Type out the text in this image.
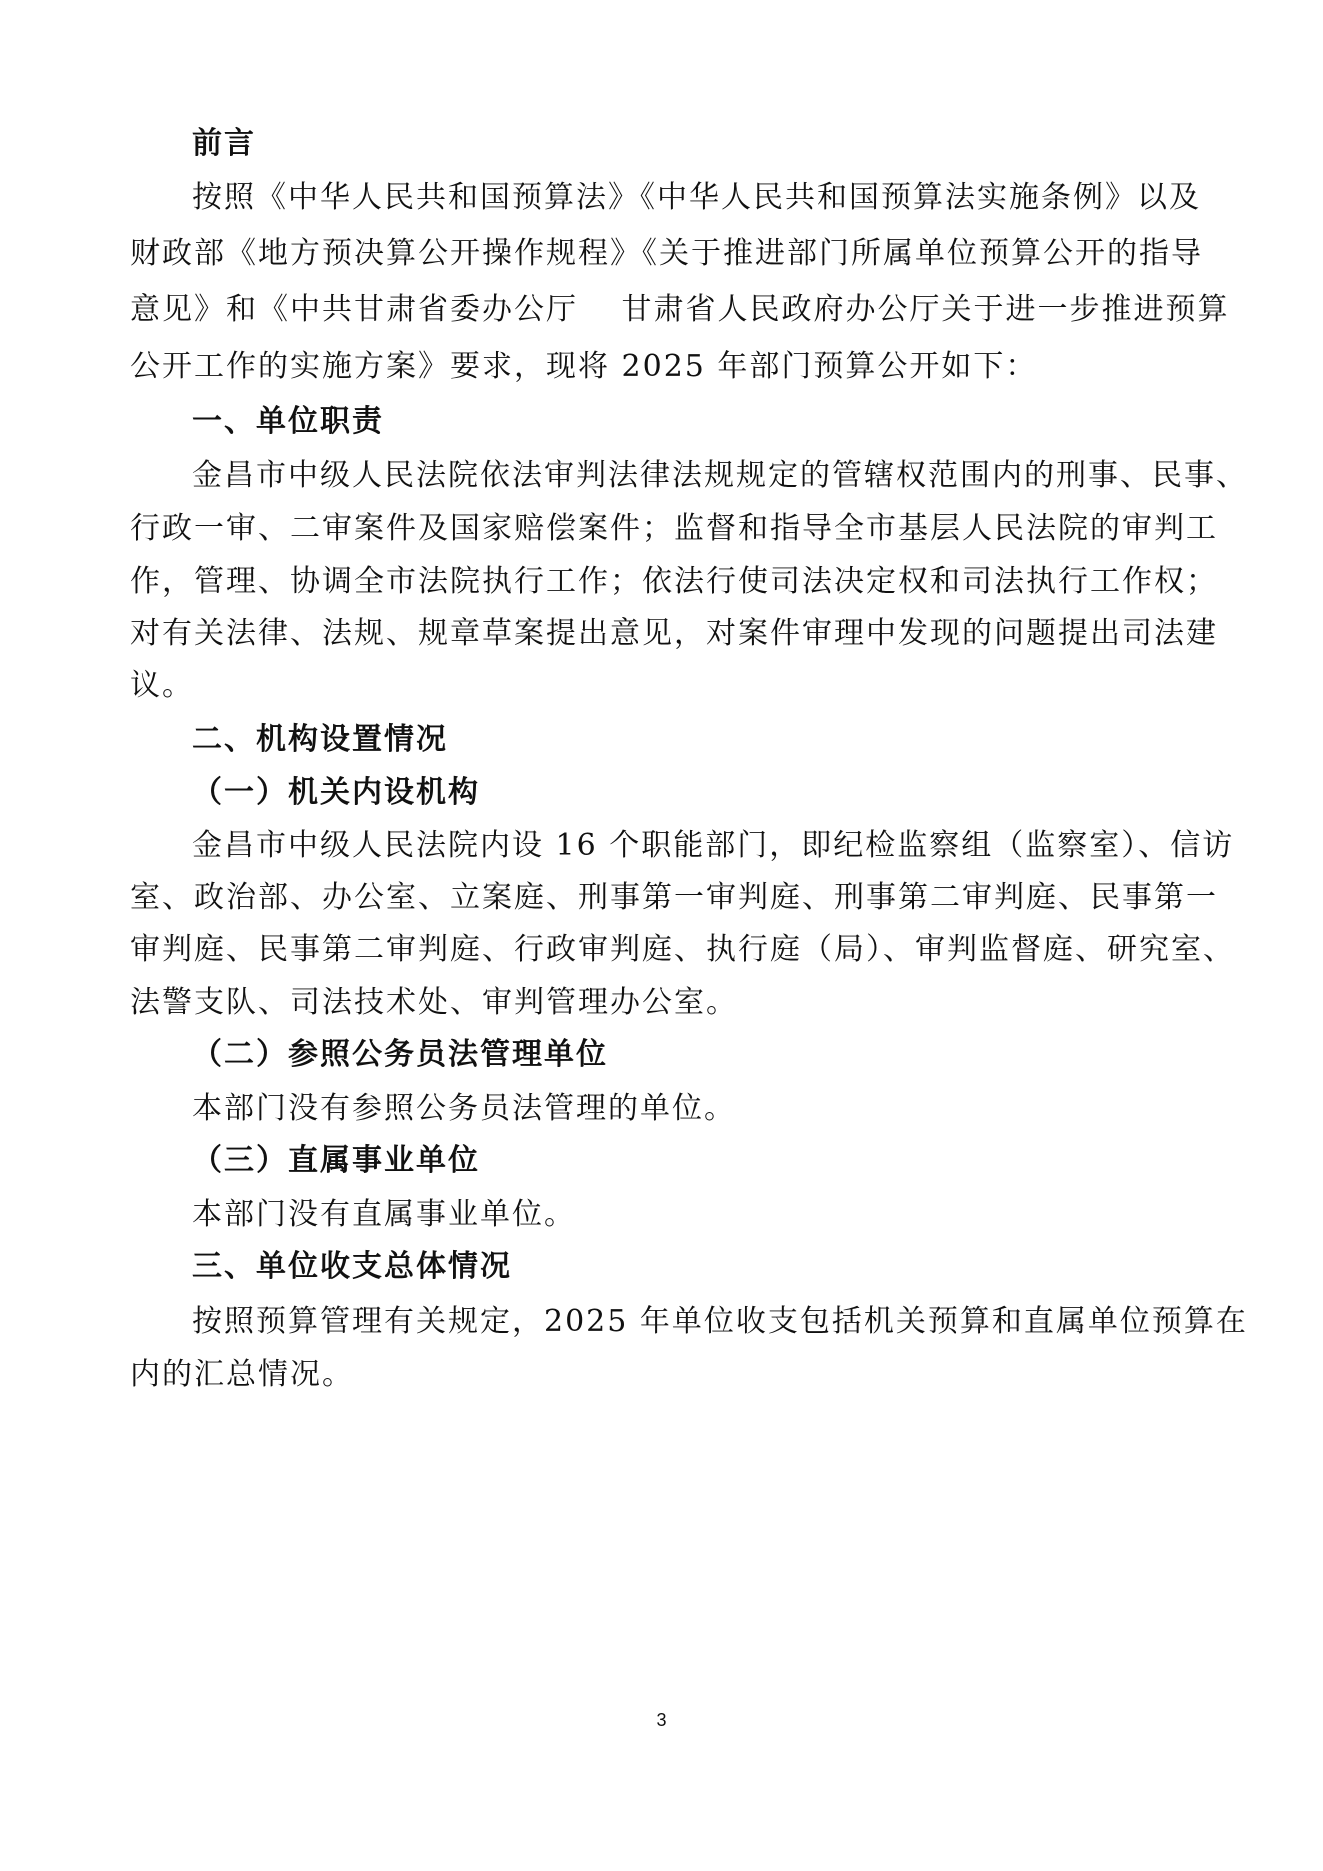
前言
按照《中华人民共和国预算法》《中华人民共和国预算法实施条例》以及
财政部《地方预决算公开操作规程》《关于推进部门所属单位预算公开的指导
意见》和《中共甘肃省委办公厅　 甘肃省人民政府办公厅关于进一步推进预算
公开工作的实施方案》要求，现将 2025 年部门预算公开如下：
一、单位职责
金昌市中级人民法院依法审判法律法规规定的管辖权范围内的刑事、民事、
行政一审、二审案件及国家赔偿案件；监督和指导全市基层人民法院的审判工
作，管理、协调全市法院执行工作；依法行使司法决定权和司法执行工作权；
对有关法律、法规、规章草案提出意见，对案件审理中发现的问题提出司法建
议。
二、机构设置情况
（一）机关内设机构
金昌市中级人民法院内设 16 个职能部门，即纪检监察组（监察室）、信访
室、政治部、办公室、立案庭、刑事第一审判庭、刑事第二审判庭、民事第一
审判庭、民事第二审判庭、行政审判庭、执行庭（局）、审判监督庭、研究室、
法警支队、司法技术处、审判管理办公室。
（二）参照公务员法管理单位
本部门没有参照公务员法管理的单位。
（三）直属事业单位
本部门没有直属事业单位。
三、单位收支总体情况
按照预算管理有关规定，2025 年单位收支包括机关预算和直属单位预算在
内的汇总情况。
3
